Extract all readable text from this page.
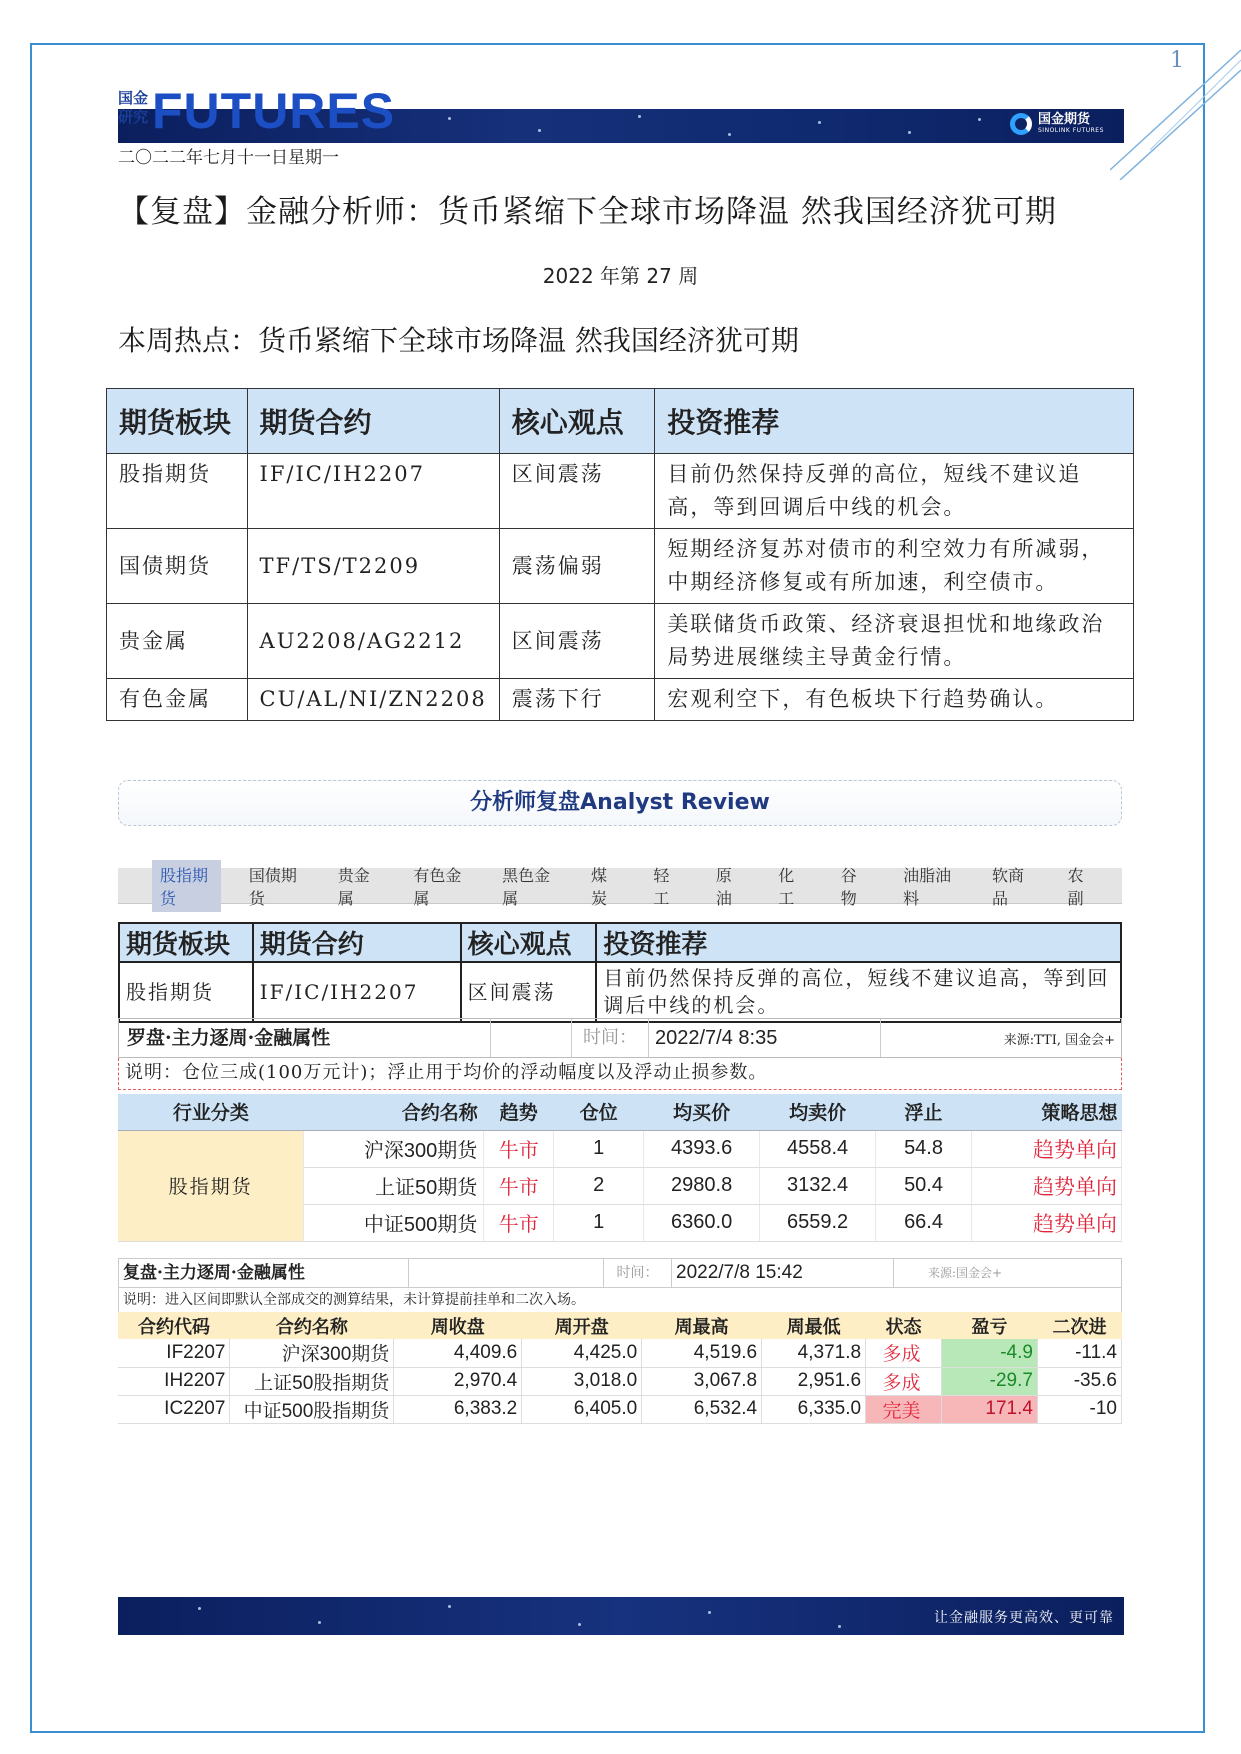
1
国金
研究 FUTURES	国金期货
SINOLINK FUTURES
二〇二二年七月十一日星期一
【复盘】金融分析师：货币紧缩下全球市场降温 然我国经济犹可期
2022 年第 27 周
本周热点：货币紧缩下全球市场降温 然我国经济犹可期
期货板块	期货合约	核心观点	投资推荐
股指期货	IF/IC/IH2207	区间震荡	目前仍然保持反弹的高位，短线不建议追高，等到回调后中线的机会。
国债期货	TF/TS/T2209	震荡偏弱	短期经济复苏对债市的利空效力有所减弱，中期经济修复或有所加速，利空债市。
贵金属	AU2208/AG2212	区间震荡	美联储货币政策、经济衰退担忧和地缘政治局势进展继续主导黄金行情。
有色金属	CU/AL/NI/ZN2208	震荡下行	宏观利空下，有色板块下行趋势确认。
分析师复盘Analyst Review
股指期货
国债期货
贵金属
有色金属
黑色金属
煤炭
轻工
原油
化工
谷物
油脂油料
软商品
农副
期货板块	期货合约	核心观点	投资推荐
股指期货	IF/IC/IH2207	区间震荡	目前仍然保持反弹的高位，短线不建议追高，等到回调后中线的机会。
罗盘·主力逐周·金融属性	时间： 2022/7/4 8:35	来源:TTI, 国金会+
说明：仓位三成(100万元计)；浮止用于均价的浮动幅度以及浮动止损参数。
行业分类	合约名称	趋势	仓位	均买价	均卖价	浮止	策略思想
股指期货	沪深300期货	牛市	1	4393.6	4558.4	54.8	趋势单向
	上证50期货	牛市	2	2980.8	3132.4	50.4	趋势单向
	中证500期货	牛市	1	6360.0	6559.2	66.4	趋势单向
复盘·主力逐周·金融属性	时间： 2022/7/8 15:42	来源:国金会+
说明：进入区间即默认全部成交的测算结果，未计算提前挂单和二次入场。
合约代码	合约名称	周收盘	周开盘	周最高	周最低	状态	盈亏	二次进
IF2207	沪深300期货	4,409.6	4,425.0	4,519.6	4,371.8	多成	-4.9	-11.4
IH2207	上证50股指期货	2,970.4	3,018.0	3,067.8	2,951.6	多成	-29.7	-35.6
IC2207	中证500股指期货	6,383.2	6,405.0	6,532.4	6,335.0	完美	171.4	-10
让金融服务更高效、更可靠
